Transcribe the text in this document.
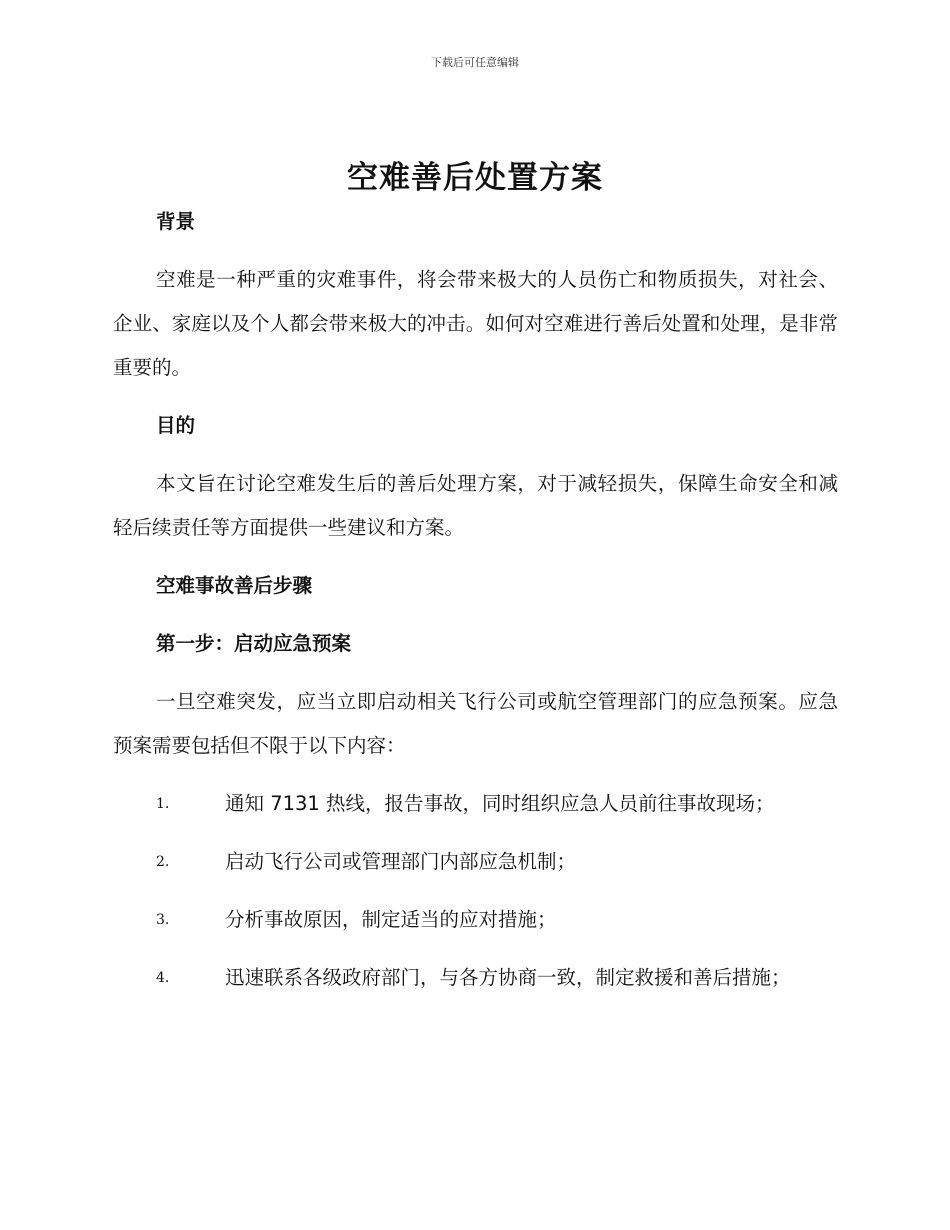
下载后可任意编辑
空难善后处置方案

背景

空难是一种严重的灾难事件，将会带来极大的人员伤亡和物质损失，对社会、企业、家庭以及个人都会带来极大的冲击。如何对空难进行善后处置和处理，是非常重要的。

目的

本文旨在讨论空难发生后的善后处理方案，对于减轻损失，保障生命安全和减轻后续责任等方面提供一些建议和方案。

空难事故善后步骤

第一步：启动应急预案

一旦空难突发，应当立即启动相关飞行公司或航空管理部门的应急预案。应急预案需要包括但不限于以下内容：

1.	通知 7131 热线，报告事故，同时组织应急人员前往事故现场；
2.	启动飞行公司或管理部门内部应急机制；
3.	分析事故原因，制定适当的应对措施；
4.	迅速联系各级政府部门，与各方协商一致，制定救援和善后措施；
